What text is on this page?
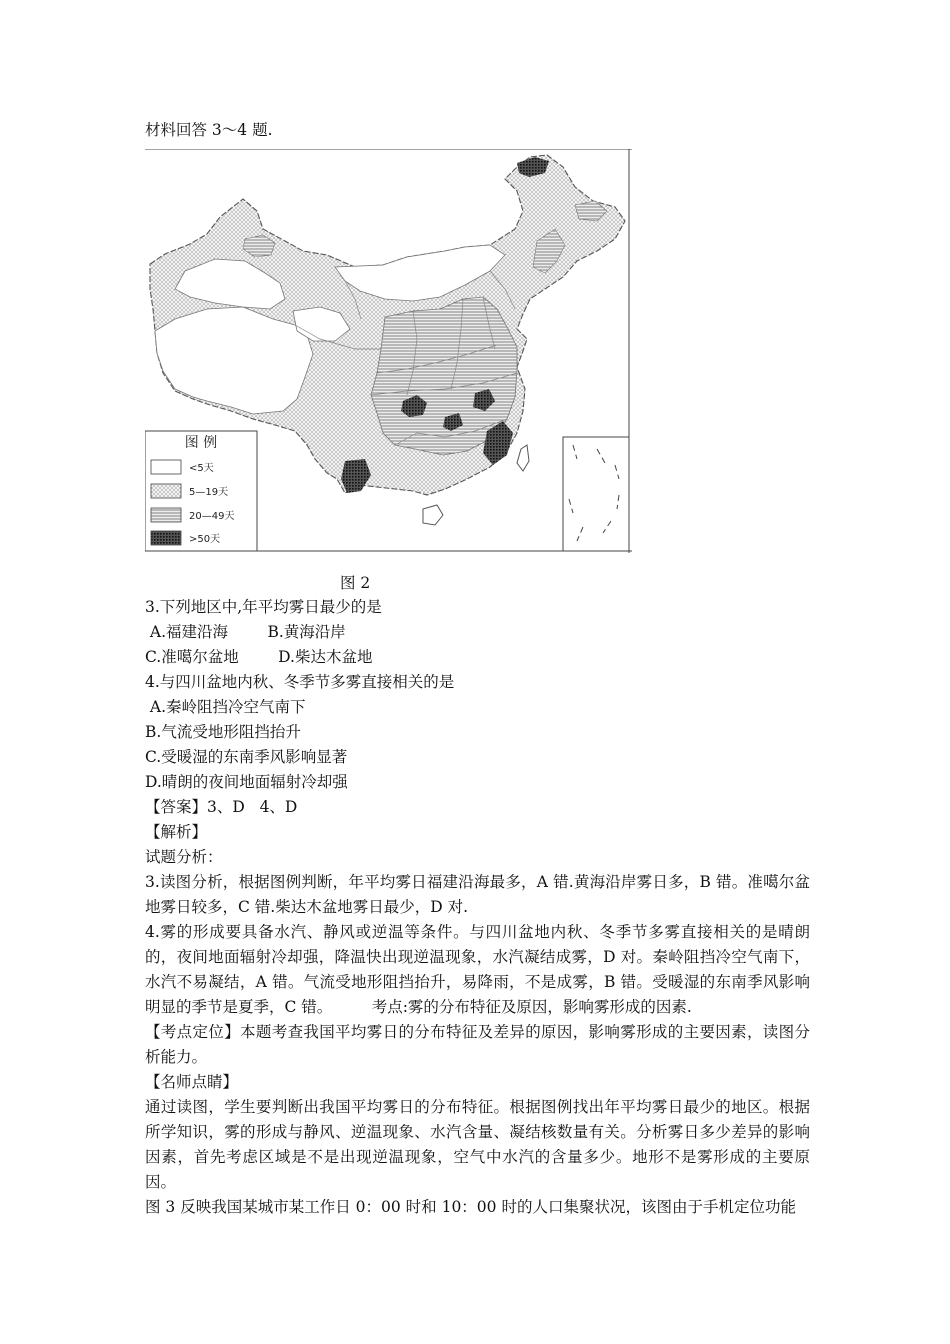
材料回答 3～4 题.
图 例
<5天
5—19天
20—49天
>50天
图 2
3.下列地区中,年平均雾日最少的是
A.福建沿海        B.黄海沿岸
C.准噶尔盆地        D.柴达木盆地
4.与四川盆地内秋、冬季节多雾直接相关的是
A.秦岭阻挡冷空气南下
B.气流受地形阻挡抬升
C.受暖湿的东南季风影响显著
D.晴朗的夜间地面辐射冷却强
【答案】3、D   4、D
【解析】
试题分析：
3.读图分析，根据图例判断，年平均雾日福建沿海最多，A 错.黄海沿岸雾日多，B 错。准噶尔盆地雾日较多，C 错.柴达木盆地雾日最少，D 对.
4.雾的形成要具备水汽、静风或逆温等条件。与四川盆地内秋、冬季节多雾直接相关的是晴朗的，夜间地面辐射冷却强，降温快出现逆温现象，水汽凝结成雾，D 对。秦岭阻挡冷空气南下，水汽不易凝结，A 错。气流受地形阻挡抬升，易降雨，不是成雾，B 错。受暖湿的东南季风影响明显的季节是夏季，C 错。        考点:雾的分布特征及原因，影响雾形成的因素.
【考点定位】本题考查我国平均雾日的分布特征及差异的原因，影响雾形成的主要因素，读图分析能力。
【名师点睛】
通过读图，学生要判断出我国平均雾日的分布特征。根据图例找出年平均雾日最少的地区。根据所学知识，雾的形成与静风、逆温现象、水汽含量、凝结核数量有关。分析雾日多少差异的影响因素，首先考虑区域是不是出现逆温现象，空气中水汽的含量多少。地形不是雾形成的主要原因。
图 3 反映我国某城市某工作日 0：00 时和 10：00 时的人口集聚状况，该图由于手机定位功能
